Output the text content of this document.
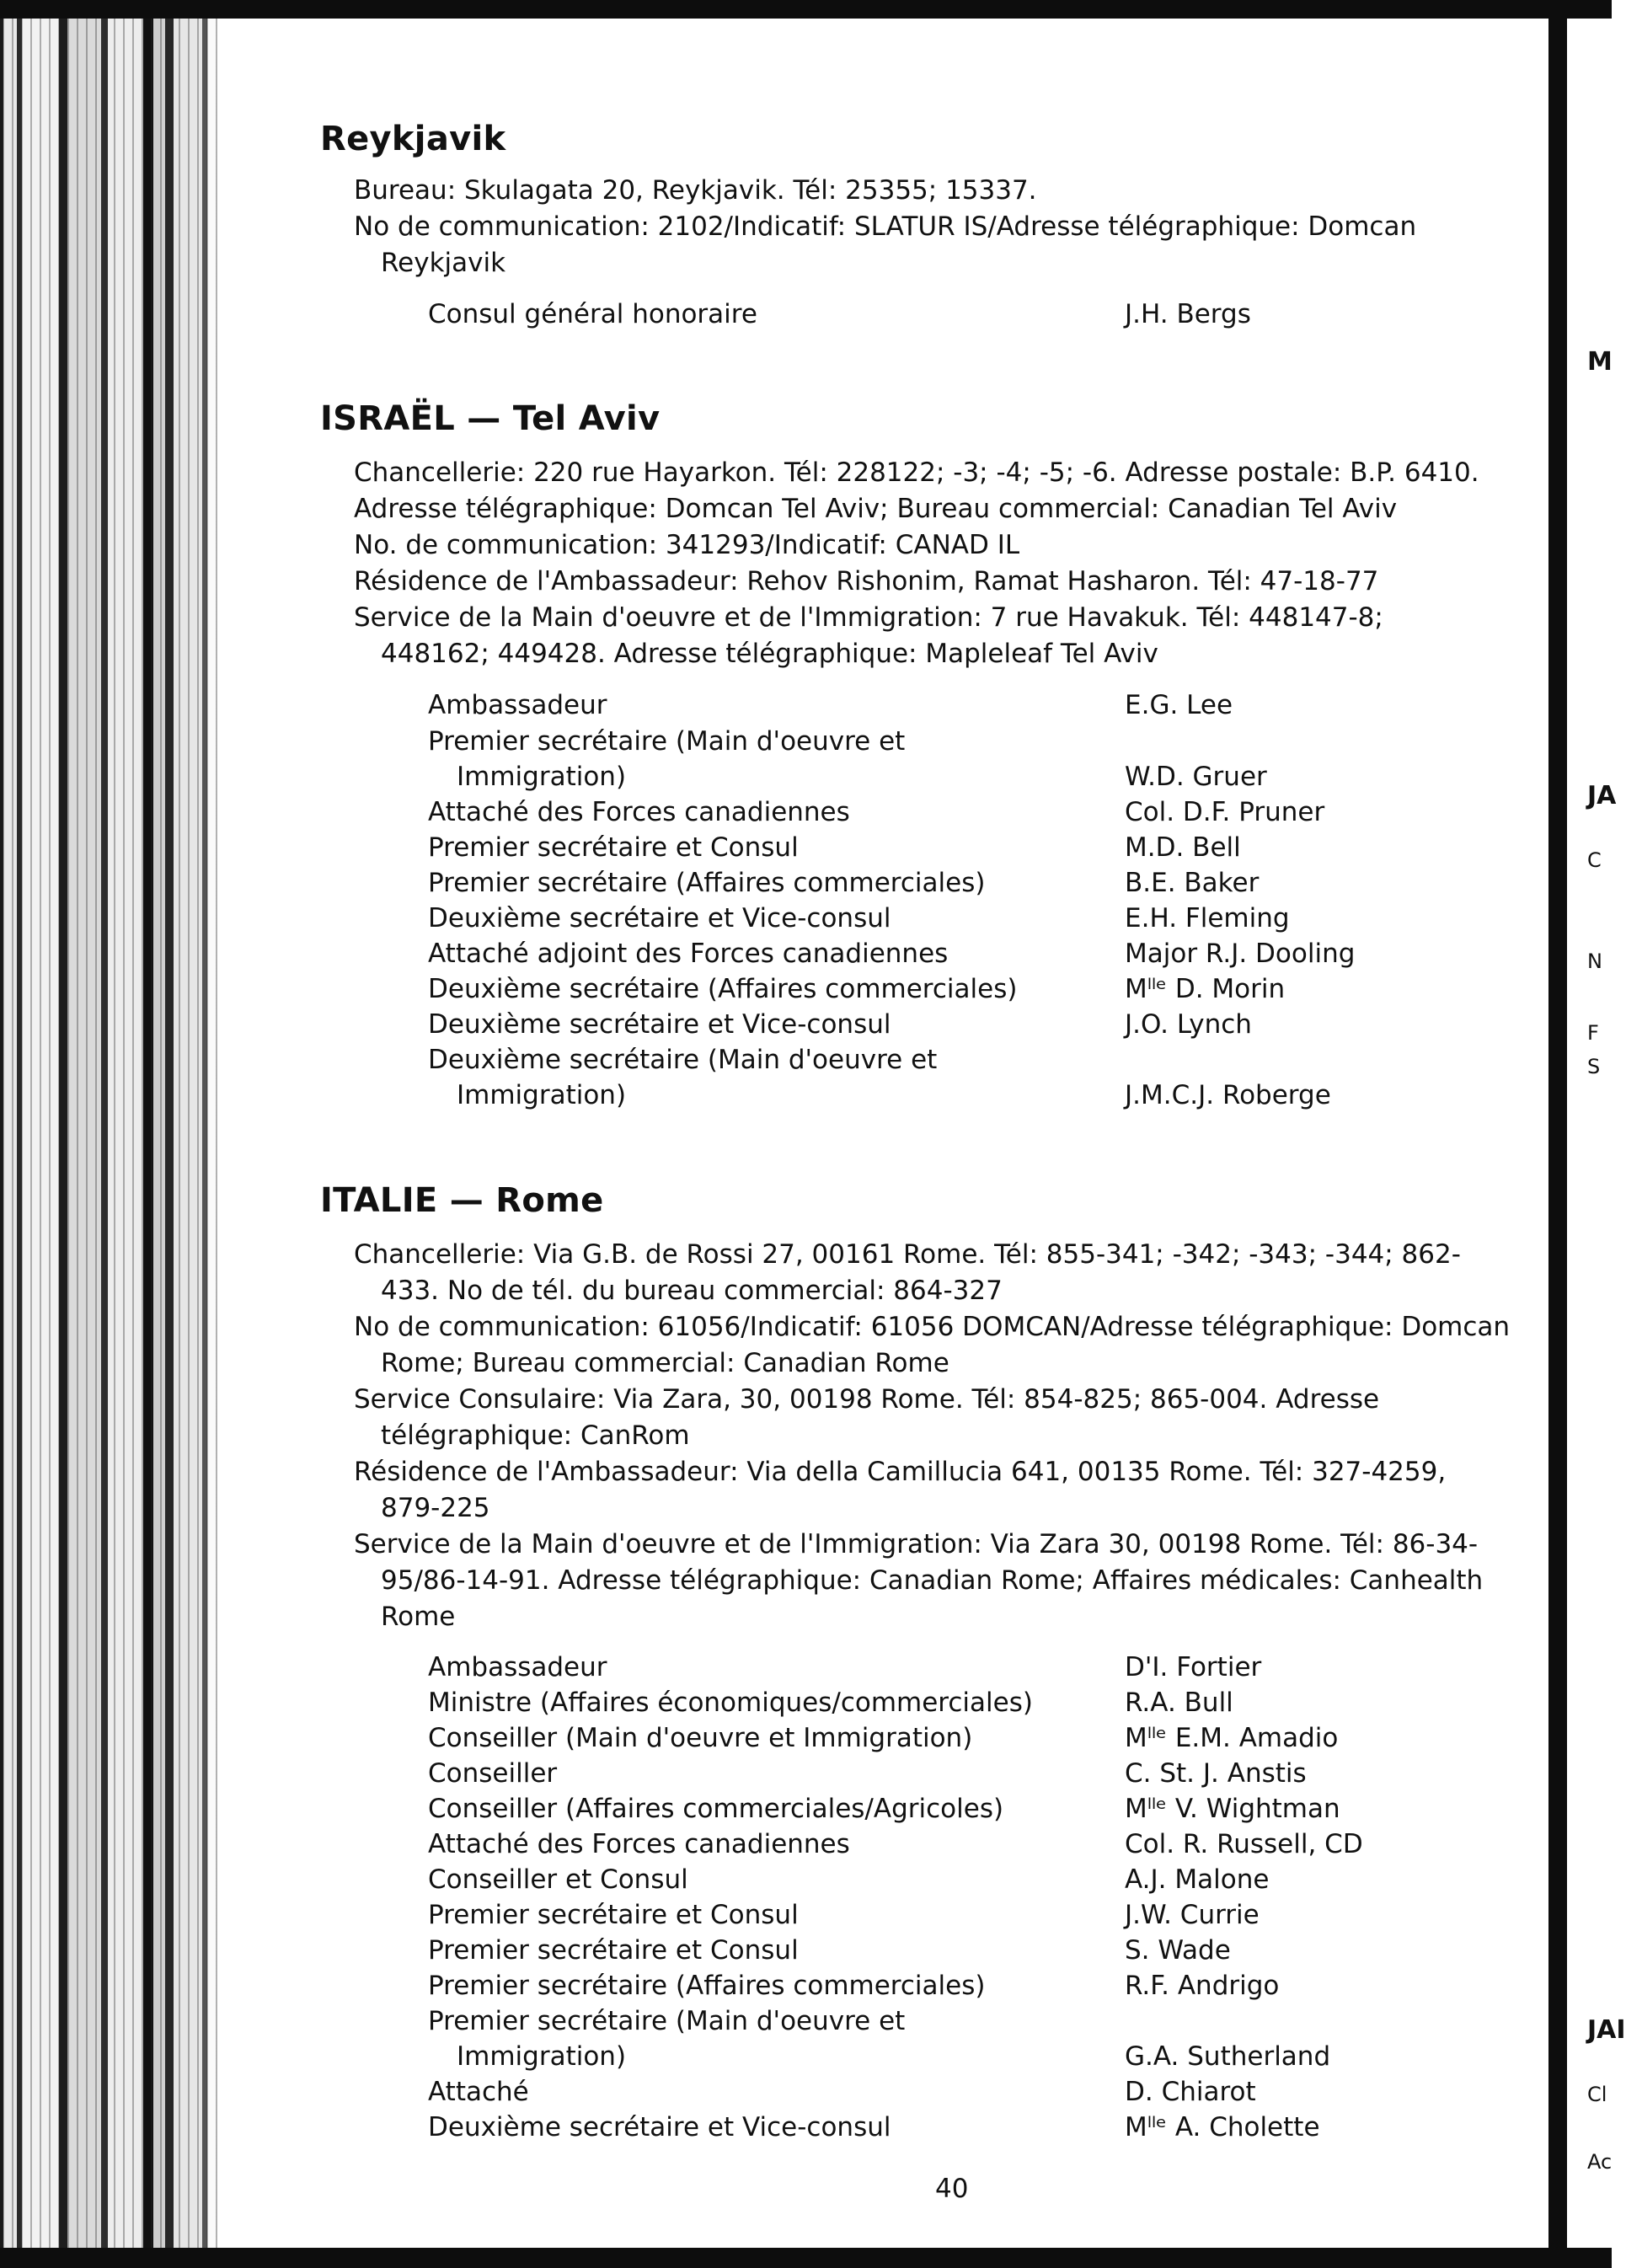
M
JA
C
N
F
S
JAI
Cl
Ac
Reykjavik
Bureau: Skulagata 20, Reykjavik. Tél: 25355; 15337.
No de communication: 2102/Indicatif: SLATUR IS/Adresse télégraphique: Domcan
Reykjavik
Consul général honoraire	J.H. Bergs
ISRAËL — Tel Aviv
Chancellerie: 220 rue Hayarkon. Tél: 228122; -3; -4; -5; -6. Adresse postale: B.P. 6410.
Adresse télégraphique: Domcan Tel Aviv; Bureau commercial: Canadian Tel Aviv
No. de communication: 341293/Indicatif: CANAD IL
Résidence de l'Ambassadeur: Rehov Rishonim, Ramat Hasharon. Tél: 47-18-77
Service de la Main d'oeuvre et de l'Immigration: 7 rue Havakuk. Tél: 448147-8;
448162; 449428. Adresse télégraphique: Mapleleaf Tel Aviv
Ambassadeur	E.G. Lee
Premier secrétaire (Main d'oeuvre et
Immigration)	W.D. Gruer
Attaché des Forces canadiennes	Col. D.F. Pruner
Premier secrétaire et Consul	M.D. Bell
Premier secrétaire (Affaires commerciales)	B.E. Baker
Deuxième secrétaire et Vice-consul	E.H. Fleming
Attaché adjoint des Forces canadiennes	Major R.J. Dooling
Deuxième secrétaire (Affaires commerciales)	Mˡˡᵉ D. Morin
Deuxième secrétaire et Vice-consul	J.O. Lynch
Deuxième secrétaire (Main d'oeuvre et
Immigration)	J.M.C.J. Roberge
ITALIE — Rome
Chancellerie: Via G.B. de Rossi 27, 00161 Rome. Tél: 855-341; -342; -343; -344; 862-
433. No de tél. du bureau commercial: 864-327
No de communication: 61056/Indicatif: 61056 DOMCAN/Adresse télégraphique: Domcan
Rome; Bureau commercial: Canadian Rome
Service Consulaire: Via Zara, 30, 00198 Rome. Tél: 854-825; 865-004. Adresse
télégraphique: CanRom
Résidence de l'Ambassadeur: Via della Camillucia 641, 00135 Rome. Tél: 327-4259,
879-225
Service de la Main d'oeuvre et de l'Immigration: Via Zara 30, 00198 Rome. Tél: 86-34-
95/86-14-91. Adresse télégraphique: Canadian Rome; Affaires médicales: Canhealth
Rome
Ambassadeur	D'I. Fortier
Ministre (Affaires économiques/commerciales)	R.A. Bull
Conseiller (Main d'oeuvre et Immigration)	Mˡˡᵉ E.M. Amadio
Conseiller	C. St. J. Anstis
Conseiller (Affaires commerciales/Agricoles)	Mˡˡᵉ V. Wightman
Attaché des Forces canadiennes	Col. R. Russell, CD
Conseiller et Consul	A.J. Malone
Premier secrétaire et Consul	J.W. Currie
Premier secrétaire et Consul	S. Wade
Premier secrétaire (Affaires commerciales)	R.F. Andrigo
Premier secrétaire (Main d'oeuvre et
Immigration)	G.A. Sutherland
Attaché	D. Chiarot
Deuxième secrétaire et Vice-consul	Mˡˡᵉ A. Cholette
40
